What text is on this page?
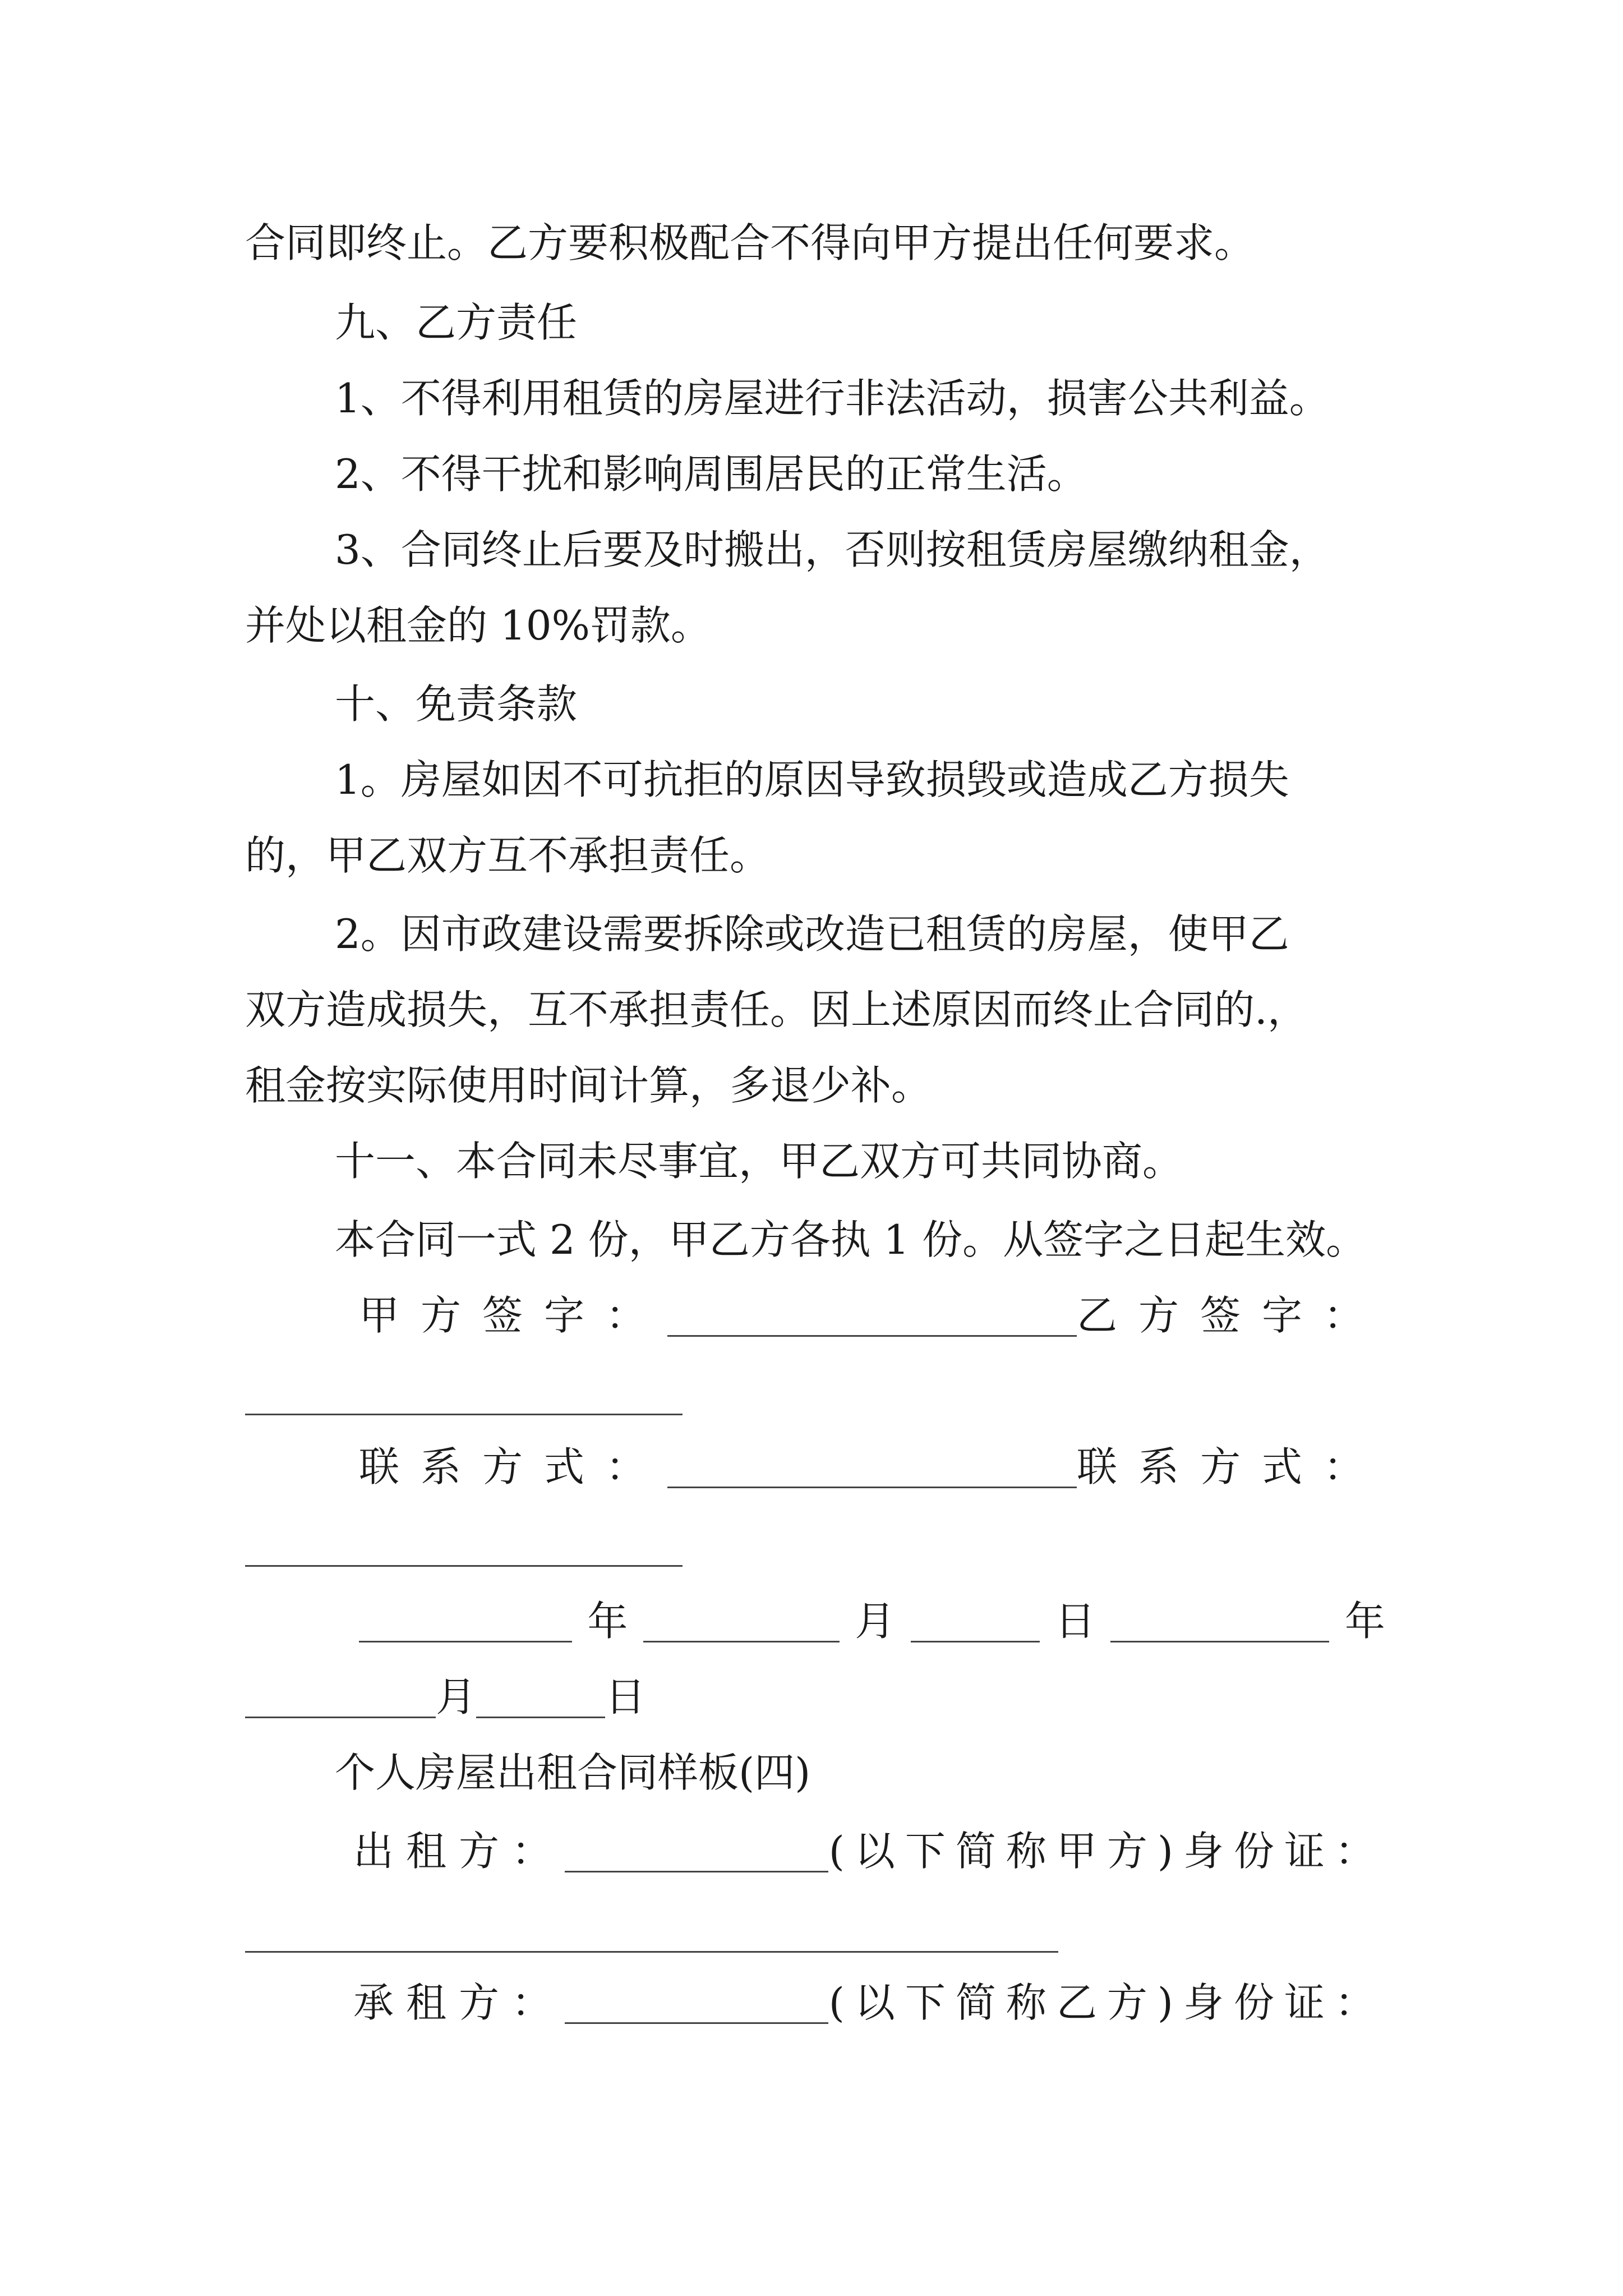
合同即终止。乙方要积极配合不得向甲方提出任何要求。
九、乙方责任
1、不得利用租赁的房屋进行非法活动，损害公共利益。
2、不得干扰和影响周围居民的正常生活。
3、合同终止后要及时搬出，否则按租赁房屋缴纳租金，
并处以租金的 10%罚款。
十、免责条款
1。房屋如因不可抗拒的原因导致损毁或造成乙方损失
的，甲乙双方互不承担责任。
2。因市政建设需要拆除或改造已租赁的房屋，使甲乙
双方造成损失，互不承担责任。因上述原因而终止合同的.，
租金按实际使用时间计算，多退少补。
十一、本合同未尽事宜，甲乙双方可共同协商。
本合同一式 2 份，甲乙方各执 1 份。从签字之日起生效。
甲方签字：	乙方签字：
联系方式：	联系方式：
年	月	日	年
月	日
个人房屋出租合同样板(四)
出租方：	(以下简称甲方)身份证：
承租方：	(以下简称乙方)身份证：
